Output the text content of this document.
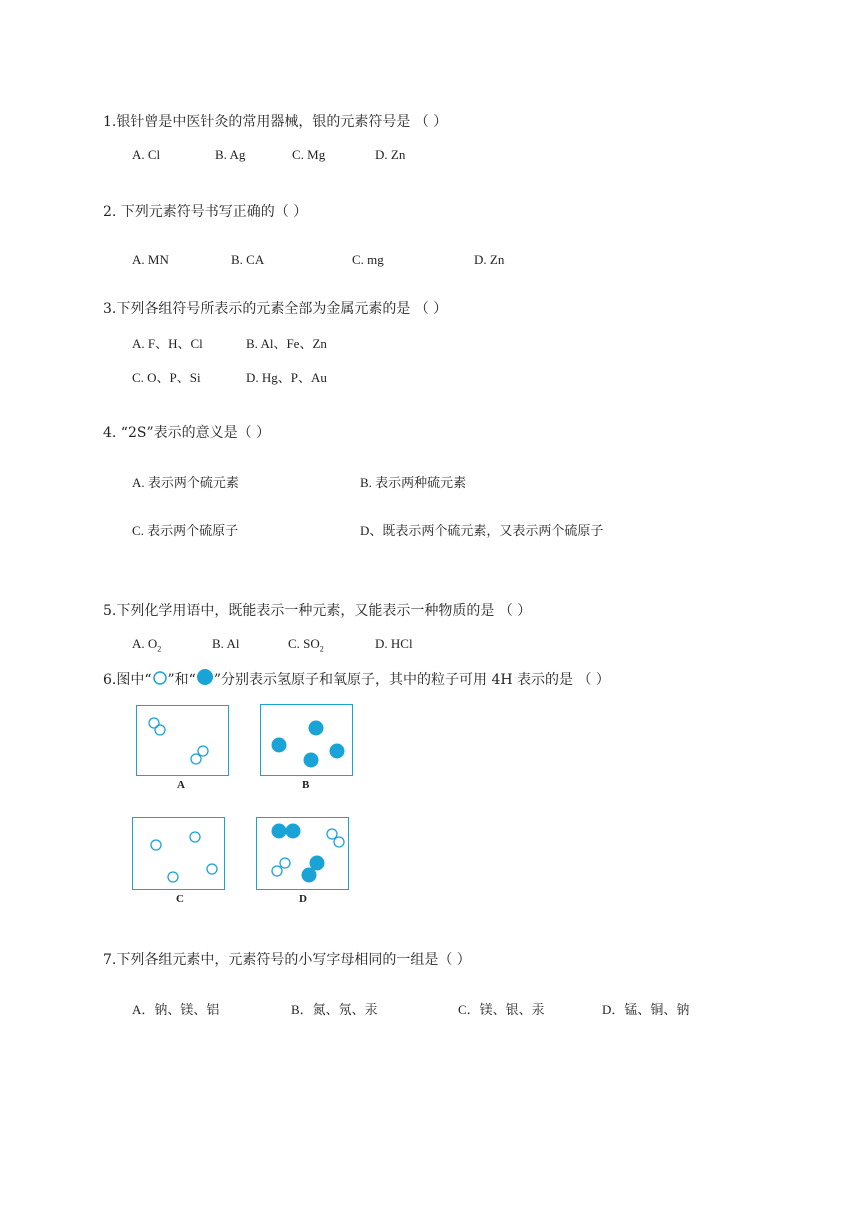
1.银针曾是中医针灸的常用器械，银的元素符号是 （ ）
A. Cl	B. Ag	C. Mg	D. Zn
2. 下列元素符号书写正确的（ ）
A. MN	B. CA	C. mg	D. Zn
3.下列各组符号所表示的元素全部为金属元素的是 （ ）
A. F、H、Cl	B. Al、Fe、Zn
C. O、P、Si	D. Hg、P、Au
4. “2S”表示的意义是（ ）
A. 表示两个硫元素	B. 表示两种硫元素
C. 表示两个硫原子	D、既表示两个硫元素，又表示两个硫原子
5.下列化学用语中，既能表示一种元素，又能表示一种物质的是 （ ）
A. $O_2$	B. Al	C. $SO_2$	D. HCl
6.图中“ ”和“ ”分别表示氢原子和氧原子，其中的粒子可用 4H 表示的是 （ ）
A	B
C	D
7.下列各组元素中，元素符号的小写字母相同的一组是（ ）
A．钠、镁、铝	B．氮、氖、汞	C．镁、银、汞	D．锰、铜、钠
